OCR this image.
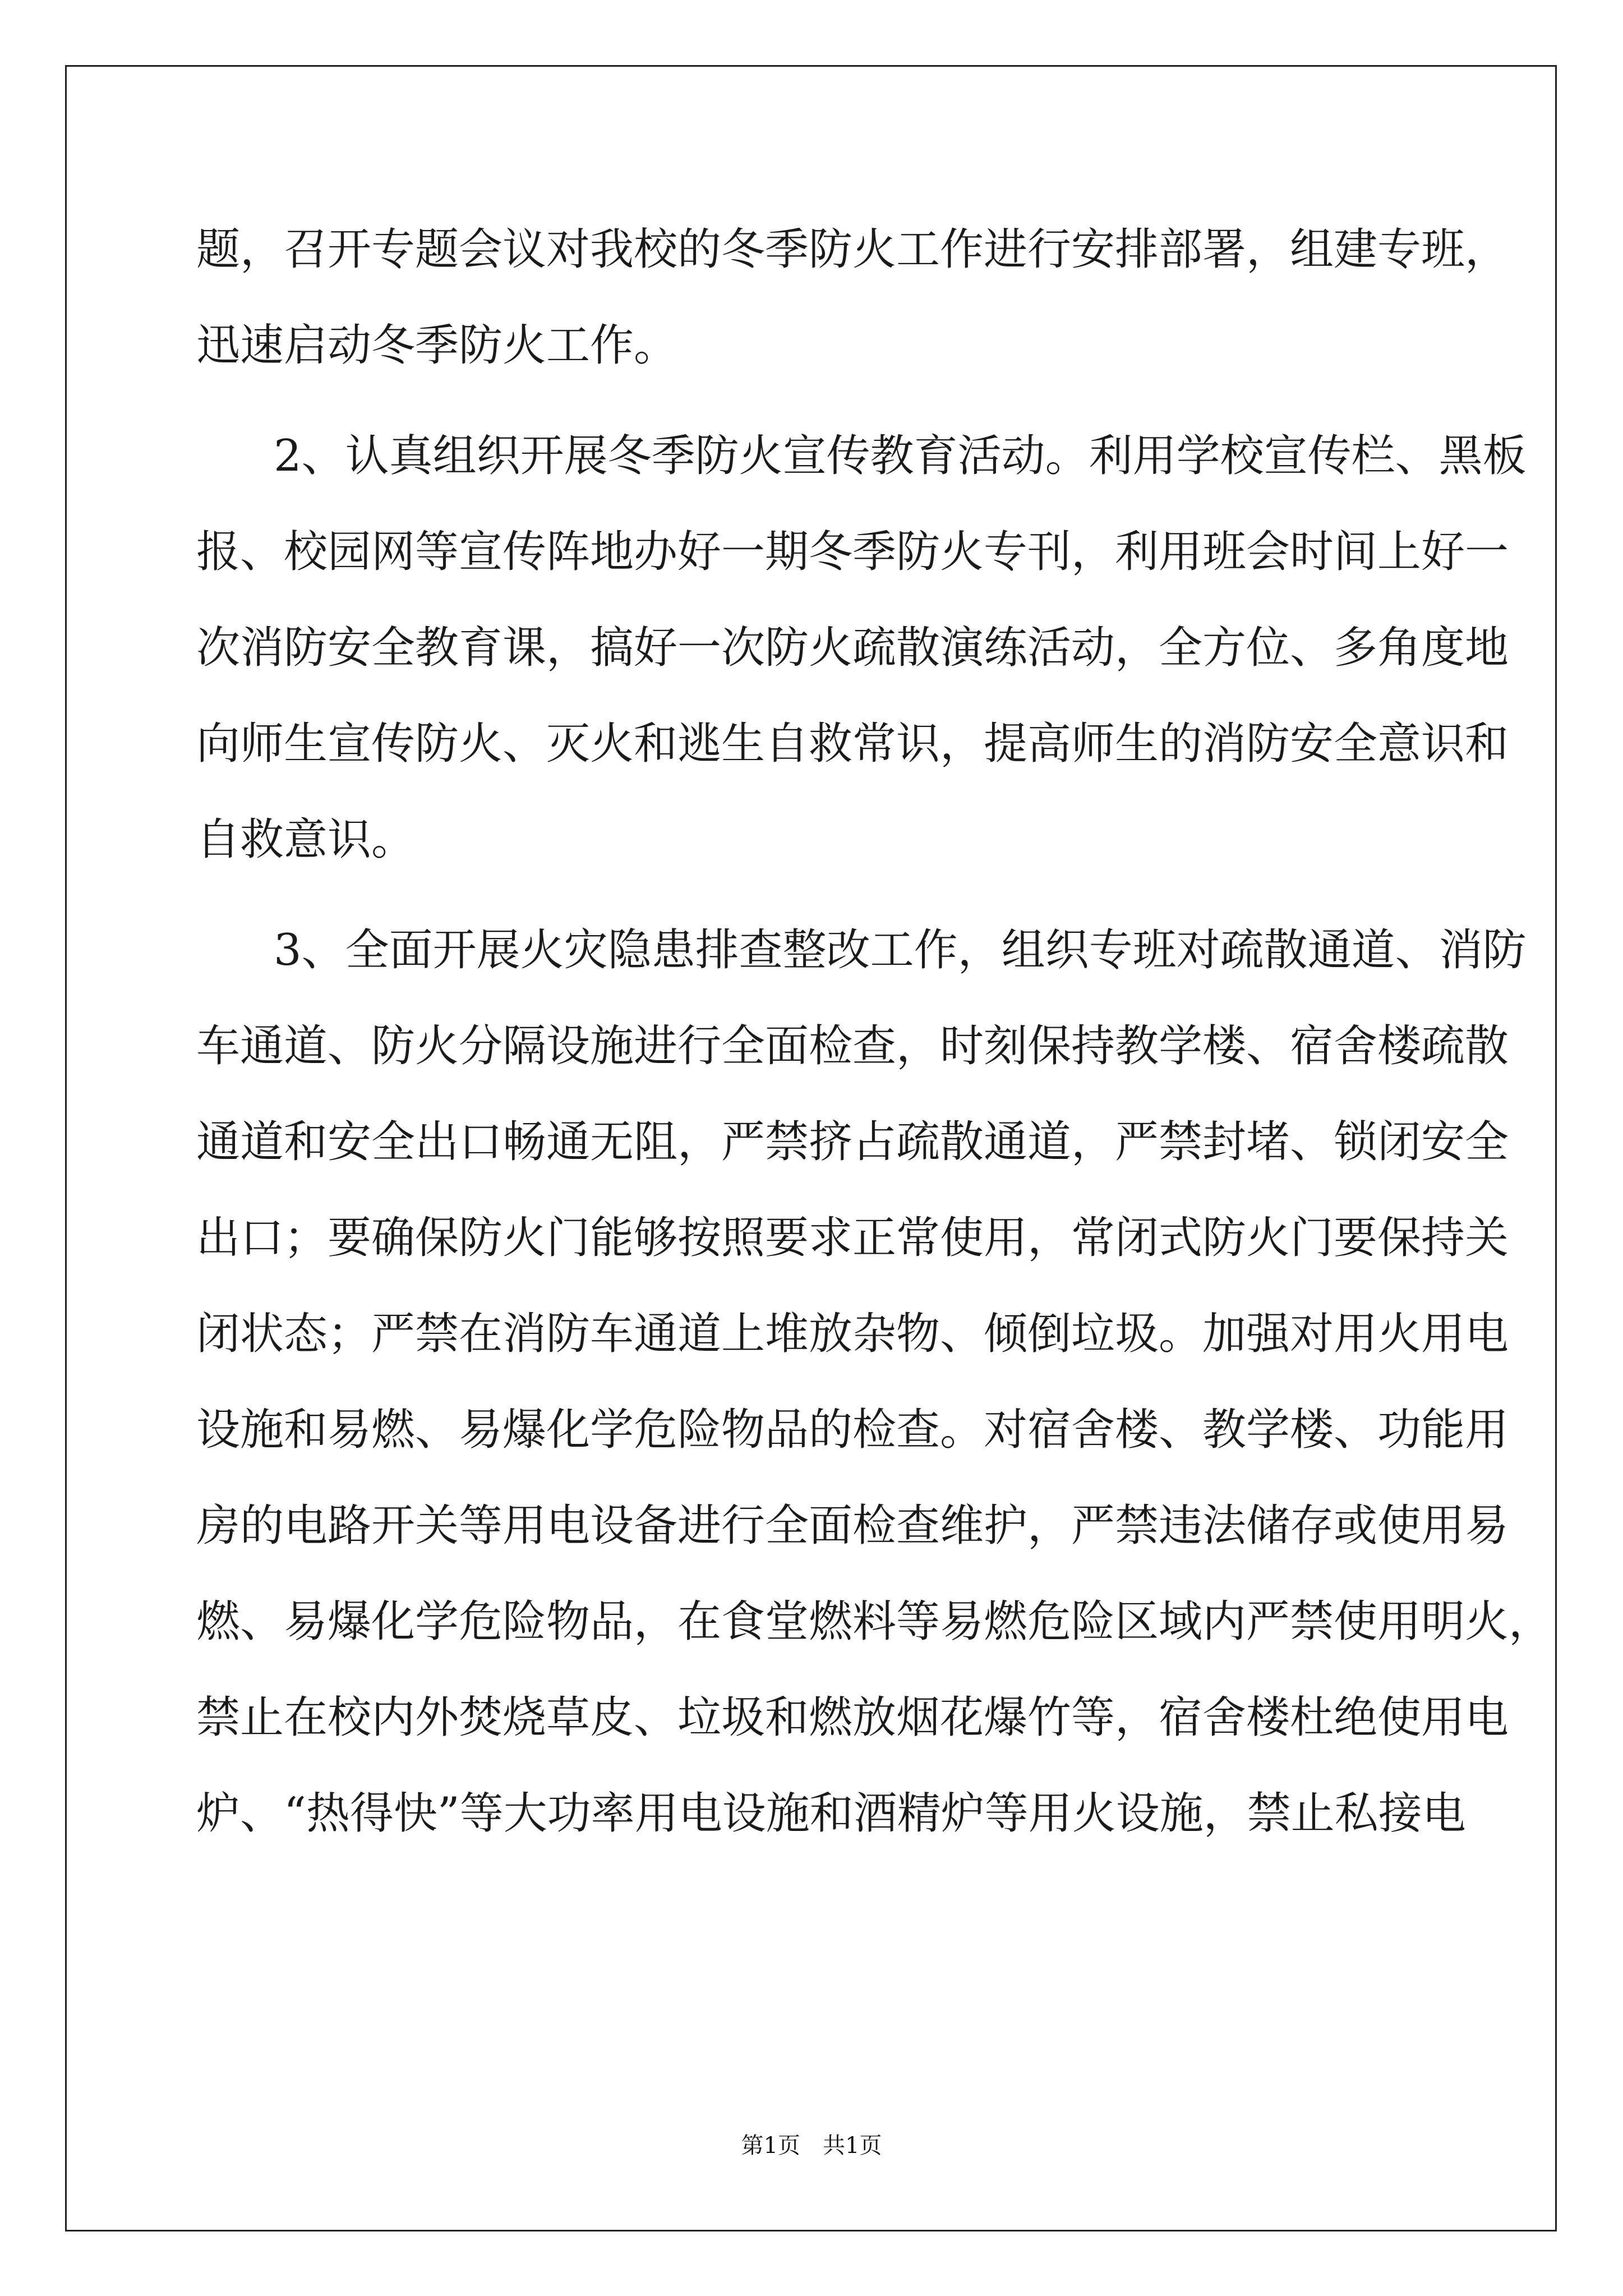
题，召开专题会议对我校的冬季防火工作进行安排部署，组建专班，
迅速启动冬季防火工作。
2、认真组织开展冬季防火宣传教育活动。利用学校宣传栏、黑板
报、校园网等宣传阵地办好一期冬季防火专刊，利用班会时间上好一
次消防安全教育课，搞好一次防火疏散演练活动，全方位、多角度地
向师生宣传防火、灭火和逃生自救常识，提高师生的消防安全意识和
自救意识。
3、全面开展火灾隐患排查整改工作，组织专班对疏散通道、消防
车通道、防火分隔设施进行全面检查，时刻保持教学楼、宿舍楼疏散
通道和安全出口畅通无阻，严禁挤占疏散通道，严禁封堵、锁闭安全
出口；要确保防火门能够按照要求正常使用，常闭式防火门要保持关
闭状态；严禁在消防车通道上堆放杂物、倾倒垃圾。加强对用火用电
设施和易燃、易爆化学危险物品的检查。对宿舍楼、教学楼、功能用
房的电路开关等用电设备进行全面检查维护，严禁违法储存或使用易
燃、易爆化学危险物品，在食堂燃料等易燃危险区域内严禁使用明火，
禁止在校内外焚烧草皮、垃圾和燃放烟花爆竹等，宿舍楼杜绝使用电
炉、“热得快”等大功率用电设施和酒精炉等用火设施，禁止私接电
第1页 共1页
